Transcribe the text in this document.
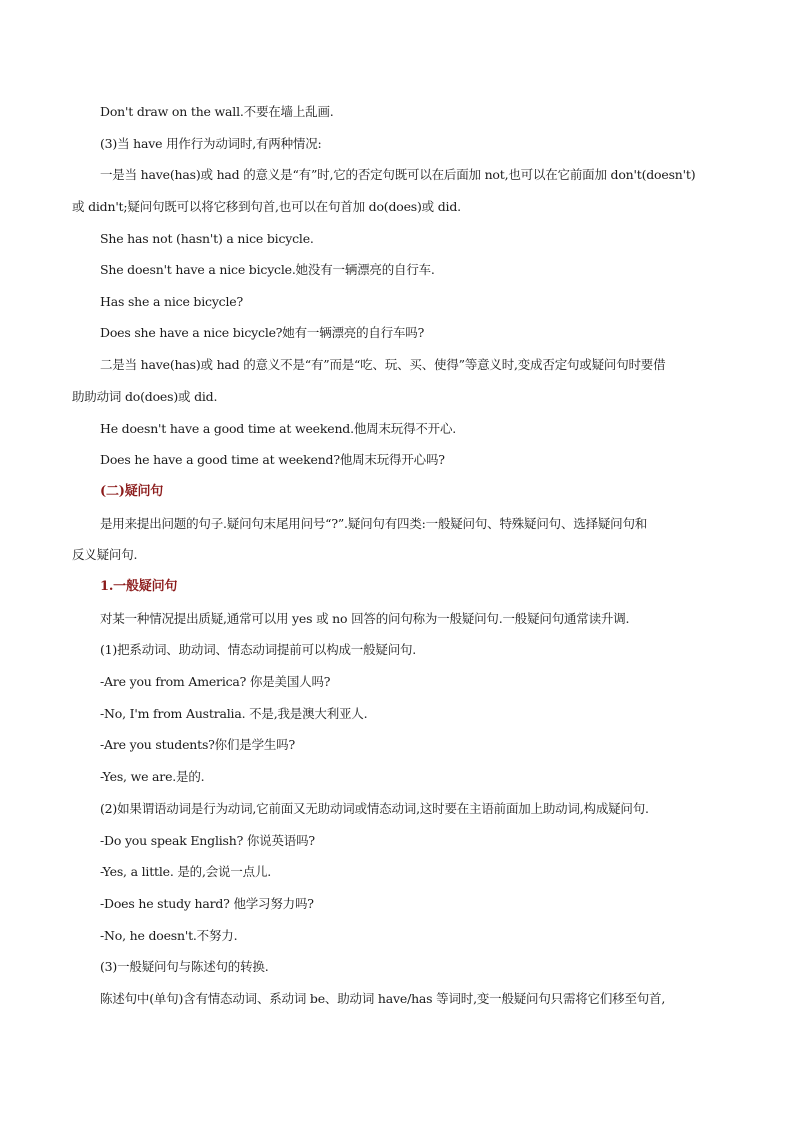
Don't draw on the wall.不要在墙上乱画.
(3)当 have 用作行为动词时,有两种情况:
一是当 have(has)或 had 的意义是“有”时,它的否定句既可以在后面加 not,也可以在它前面加 don't(doesn't)
或 didn't;疑问句既可以将它移到句首,也可以在句首加 do(does)或 did.
She has not (hasn't) a nice bicycle.
She doesn't have a nice bicycle.她没有一辆漂亮的自行车.
Has she a nice bicycle?
Does she have a nice bicycle?她有一辆漂亮的自行车吗?
二是当 have(has)或 had 的意义不是“有”而是“吃、玩、买、使得”等意义时,变成否定句或疑问句时要借
助助动词 do(does)或 did.
He doesn't have a good time at weekend.他周末玩得不开心.
Does he have a good time at weekend?他周末玩得开心吗?
(二)疑问句
是用来提出问题的句子.疑问句末尾用问号“?”.疑问句有四类:一般疑问句、特殊疑问句、选择疑问句和
反义疑问句.
1.一般疑问句
对某一种情况提出质疑,通常可以用 yes 或 no 回答的问句称为一般疑问句.一般疑问句通常读升调.
(1)把系动词、助动词、情态动词提前可以构成一般疑问句.
-Are you from America? 你是美国人吗?
-No, I'm from Australia. 不是,我是澳大利亚人.
-Are you students?你们是学生吗?
-Yes, we are.是的.
(2)如果谓语动词是行为动词,它前面又无助动词或情态动词,这时要在主语前面加上助动词,构成疑问句.
-Do you speak English? 你说英语吗?
-Yes, a little. 是的,会说一点儿.
-Does he study hard? 他学习努力吗?
-No, he doesn't.不努力.
(3)一般疑问句与陈述句的转换.
陈述句中(单句)含有情态动词、系动词 be、助动词 have/has 等词时,变一般疑问句只需将它们移至句首,
